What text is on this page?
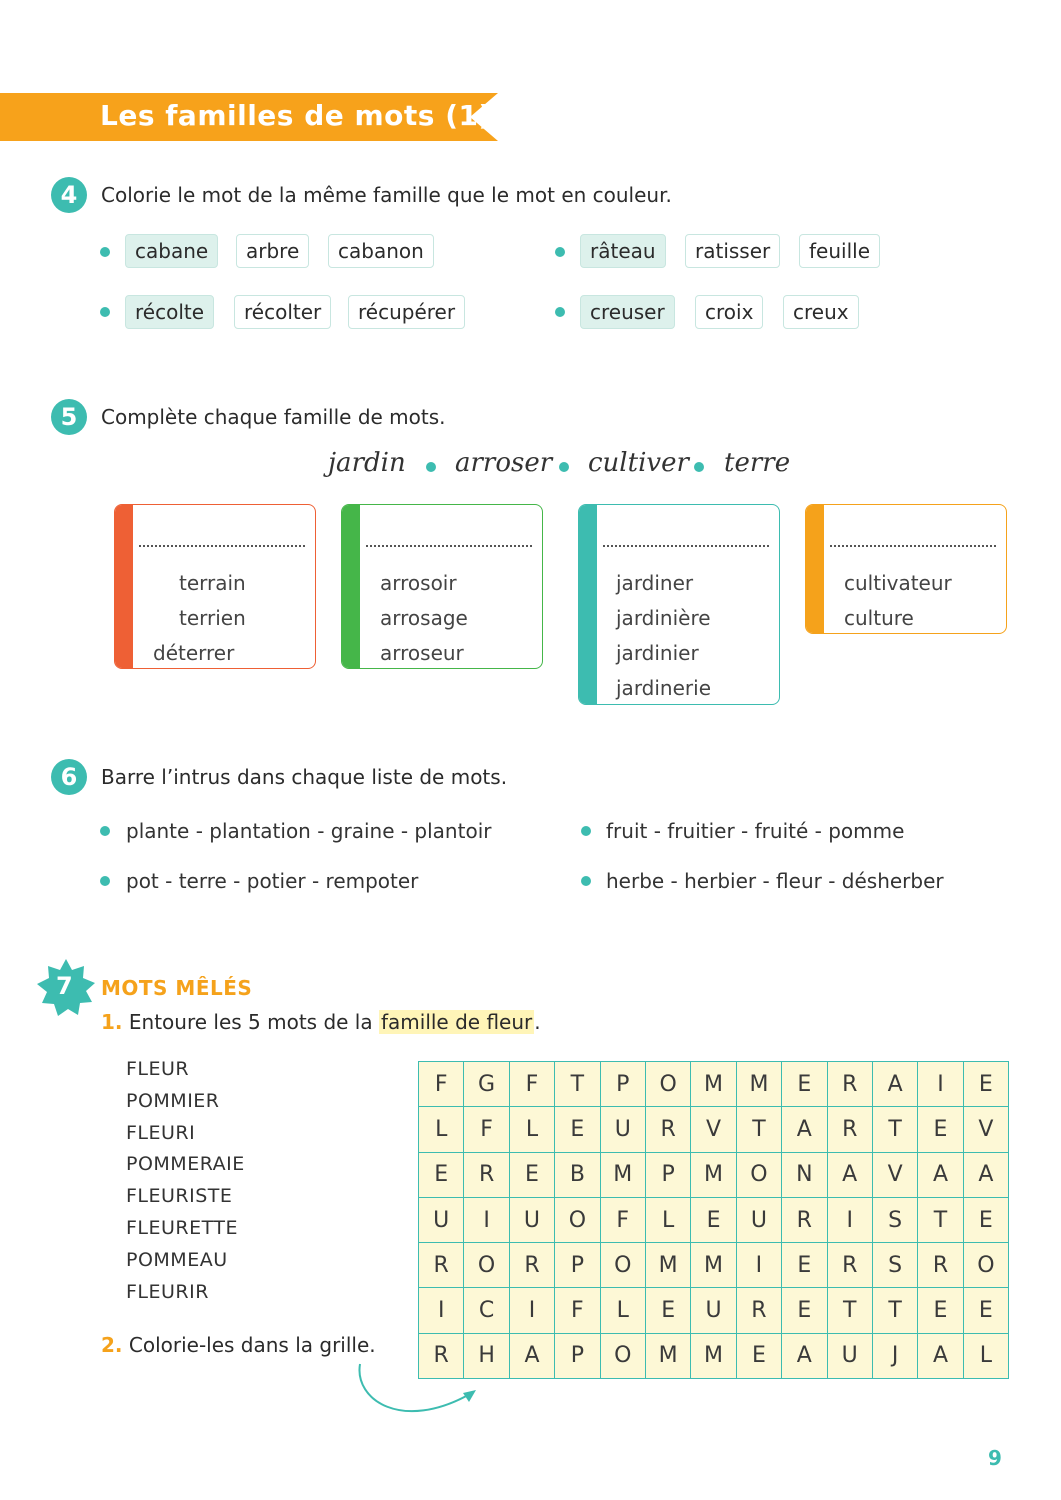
Les familles de mots (1)
4	Colorie le mot de la même famille que le mot en couleur.
cabane	arbre	cabanon	râteau	ratisser	feuille
récolte	récolter	récupérer	creuser	croix	creux
5	Complète chaque famille de mots.
jardin arroser cultiver terre
terrain
terrien
déterrer
arrosoir
arrosage
arroseur
jardiner
jardinière
jardinier
jardinerie
cultivateur
culture
6	Barre l’intrus dans chaque liste de mots.
plante - plantation - graine - plantoir	fruit - fruitier - fruité - pomme
pot - terre - potier - rempoter	herbe - herbier - fleur - désherber
7 MOTS MÊLÉS
1. Entoure les 5 mots de la famille de fleur .
FLEUR
POMMIER
FLEURI
POMMERAIE
FLEURISTE
FLEURETTE
POMMEAU
FLEURIR
2. Colorie-les dans la grille.
F	G	F	T	P	O	M	M	E	R	A	I	E
L	F	L	E	U	R	V	T	A	R	T	E	V
E	R	E	B	M	P	M	O	N	A	V	A	A
U	I	U	O	F	L	E	U	R	I	S	T	E
R	O	R	P	O	M	M	I	E	R	S	R	O
I	C	I	F	L	E	U	R	E	T	T	E	E
R	H	A	P	O	M	M	E	A	U	J	A	L
9
